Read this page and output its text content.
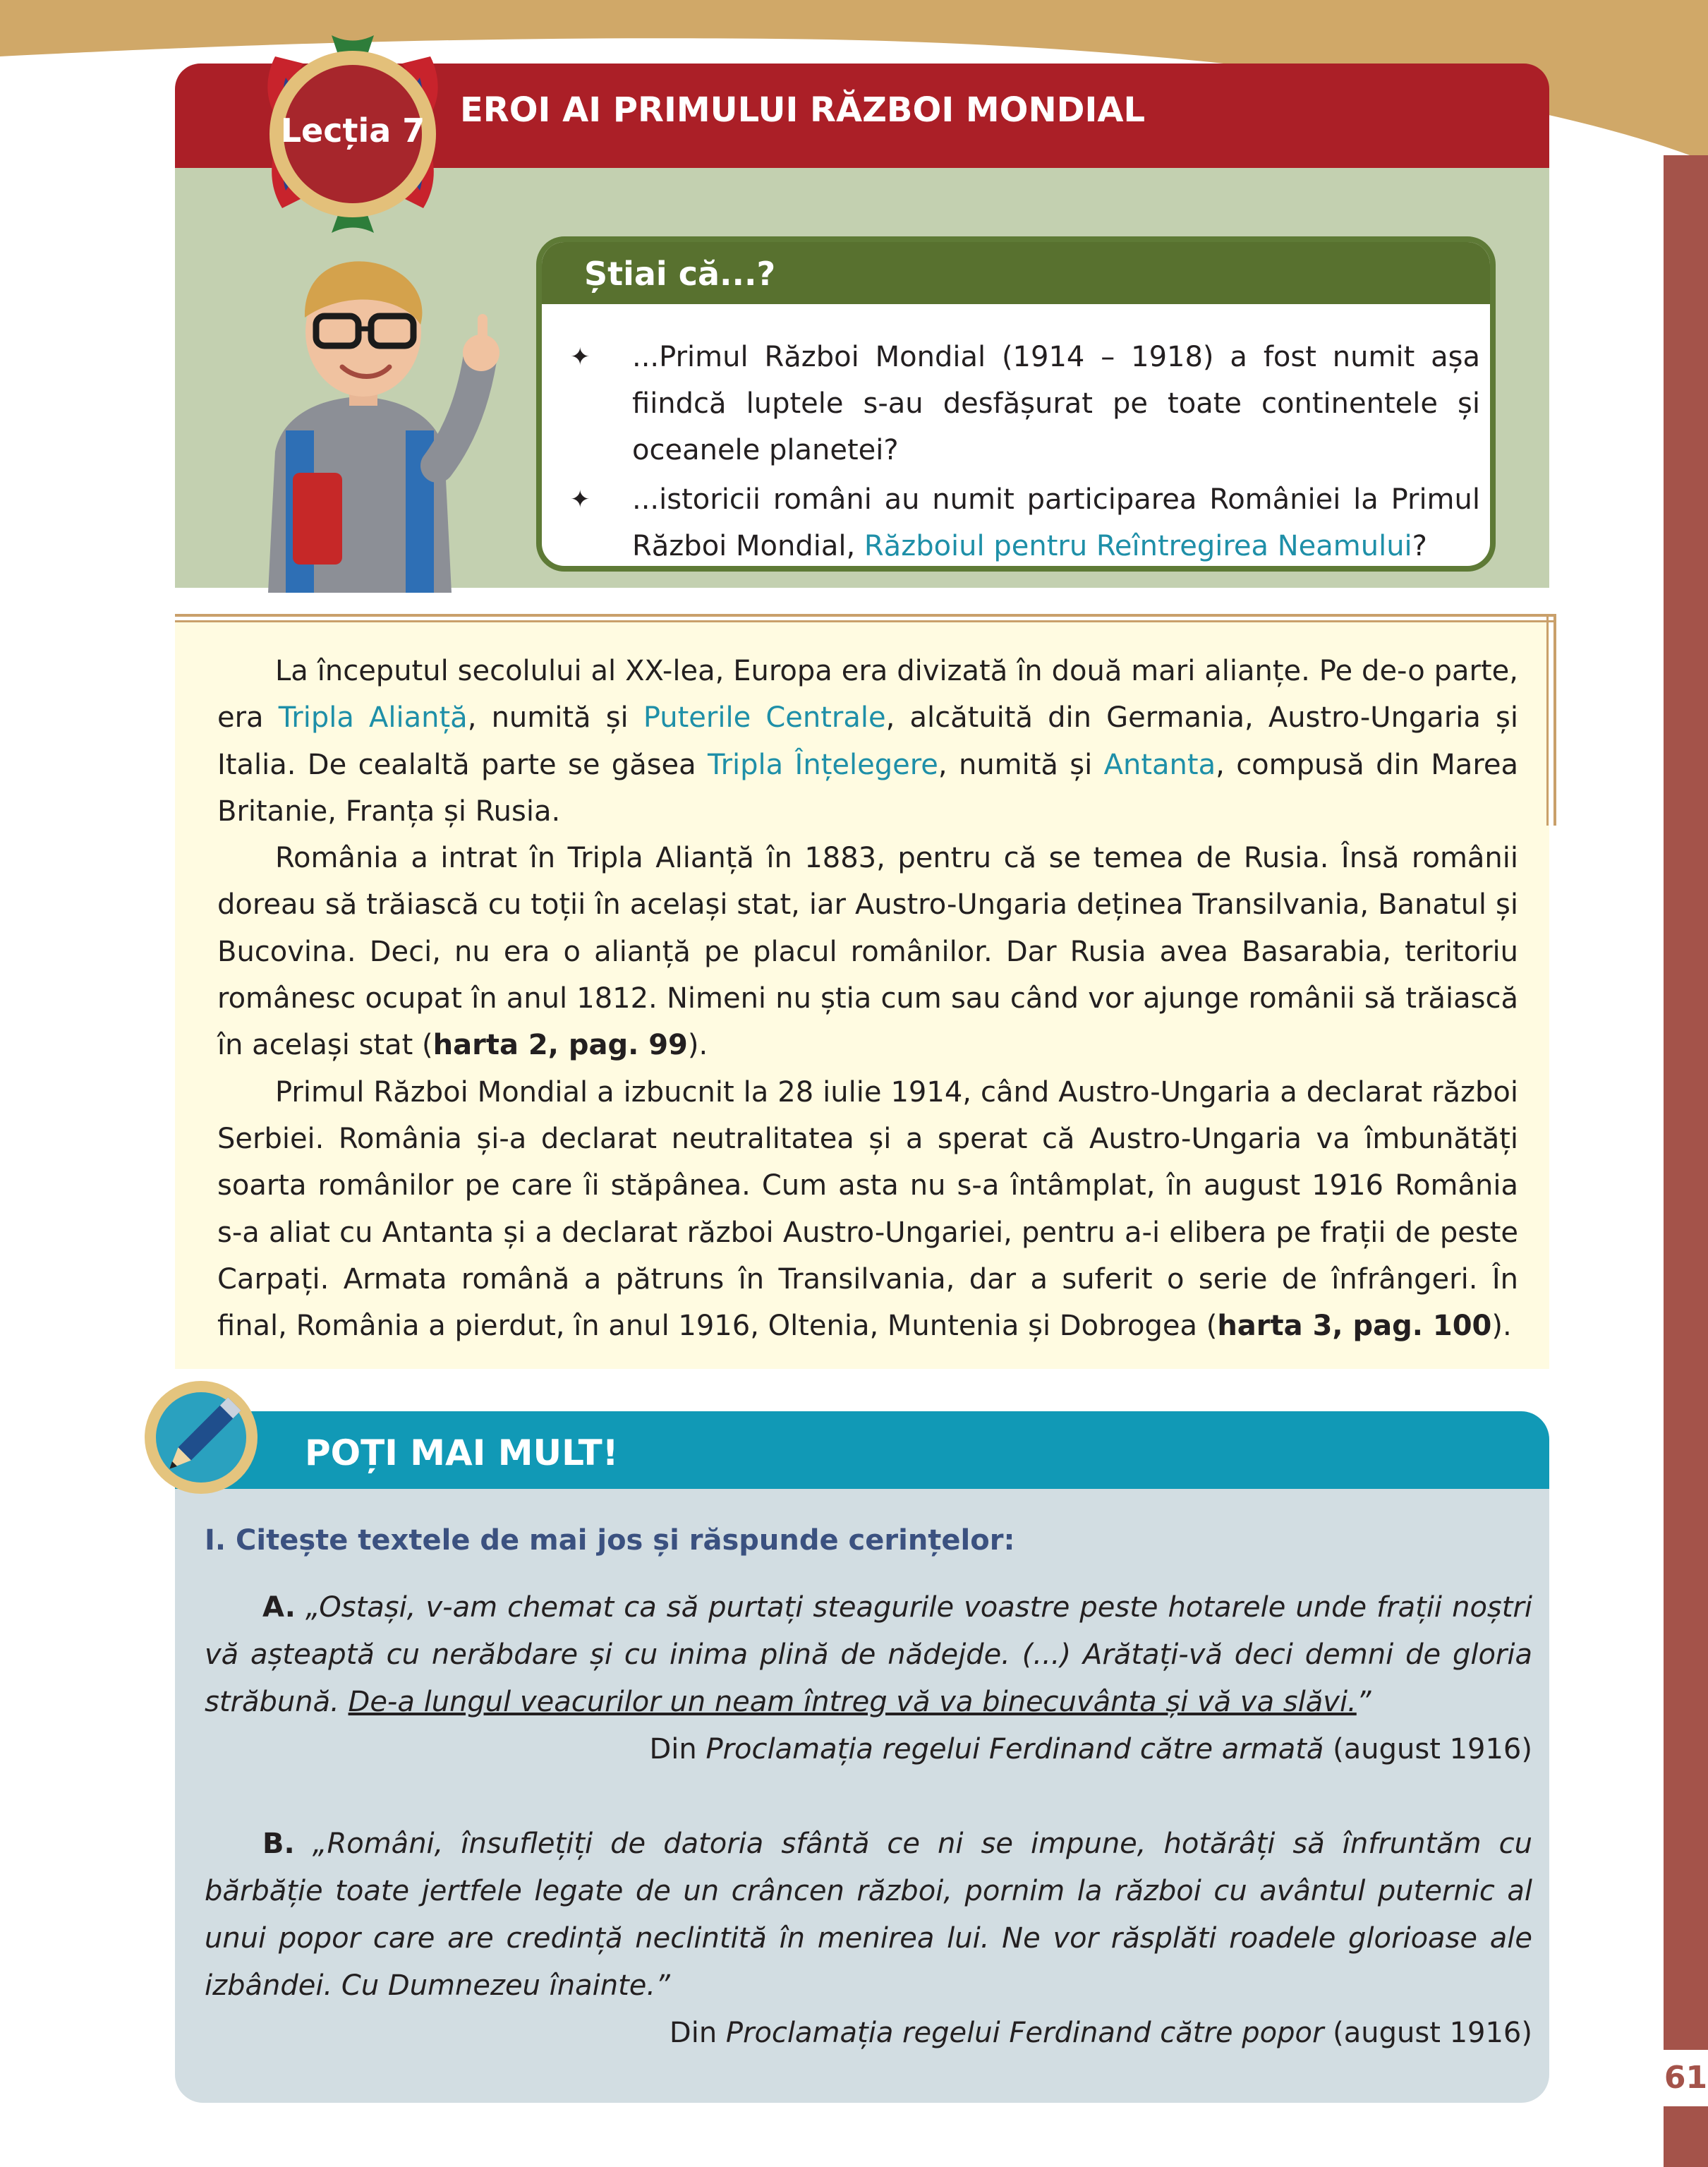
EROI AI PRIMULUI RĂZBOI MONDIAL
Lecția 7
Știai că...?
✦ ...Primul Război Mondial (1914 – 1918) a fost numit așa fiindcă luptele s-au desfășurat pe toate continentele și oceanele planetei?
✦ ...istoricii români au numit participarea României la Primul Război Mondial, Războiul pentru Reîntregirea Neamului?

La începutul secolului al XX-lea, Europa era divizată în două mari alianțe. Pe de-o parte, era Tripla Alianță, numită și Puterile Centrale, alcătuită din Germania, Austro-Ungaria și Italia. De cealaltă parte se găsea Tripla Înțelegere, numită și Antanta, compusă din Marea Britanie, Franța și Rusia.

România a intrat în Tripla Alianță în 1883, pentru că se temea de Rusia. Însă românii doreau să trăiască cu toții în același stat, iar Austro-Ungaria deținea Transilvania, Banatul și Bucovina. Deci, nu era o alianță pe placul românilor. Dar Rusia avea Basarabia, teritoriu românesc ocupat în anul 1812. Nimeni nu știa cum sau când vor ajunge românii să trăiască în același stat (harta 2, pag. 99).

Primul Război Mondial a izbucnit la 28 iulie 1914, când Austro-Ungaria a declarat război Serbiei. România și-a declarat neutralitatea și a sperat că Austro-Ungaria va îmbunătăți soarta românilor pe care îi stăpânea. Cum asta nu s-a întâmplat, în august 1916 România s-a aliat cu Antanta și a declarat război Austro-Ungariei, pentru a-i elibera pe frații de peste Carpați. Armata română a pătruns în Transilvania, dar a suferit o serie de înfrângeri. În final, România a pierdut, în anul 1916, Oltenia, Muntenia și Dobrogea (harta 3, pag. 100).

POȚI MAI MULT!
I. Citește textele de mai jos și răspunde cerințelor:

A. „Ostași, v-am chemat ca să purtați steagurile voastre peste hotarele unde frații noștri vă așteaptă cu nerăbdare și cu inima plină de nădejde. (...) Arătați-vă deci demni de gloria străbună. De-a lungul veacurilor un neam întreg vă va binecuvânta și vă va slăvi.”

Din Proclamația regelui Ferdinand către armată (august 1916)

B. „Români, însuflețiți de datoria sfântă ce ni se impune, hotărâți să înfruntăm cu bărbăție toate jertfele legate de un crâncen război, pornim la război cu avântul puternic al unui popor care are credință neclintită în menirea lui. Ne vor răsplăti roadele glorioase ale izbândei. Cu Dumnezeu înainte.”

Din Proclamația regelui Ferdinand către popor (august 1916)

61
